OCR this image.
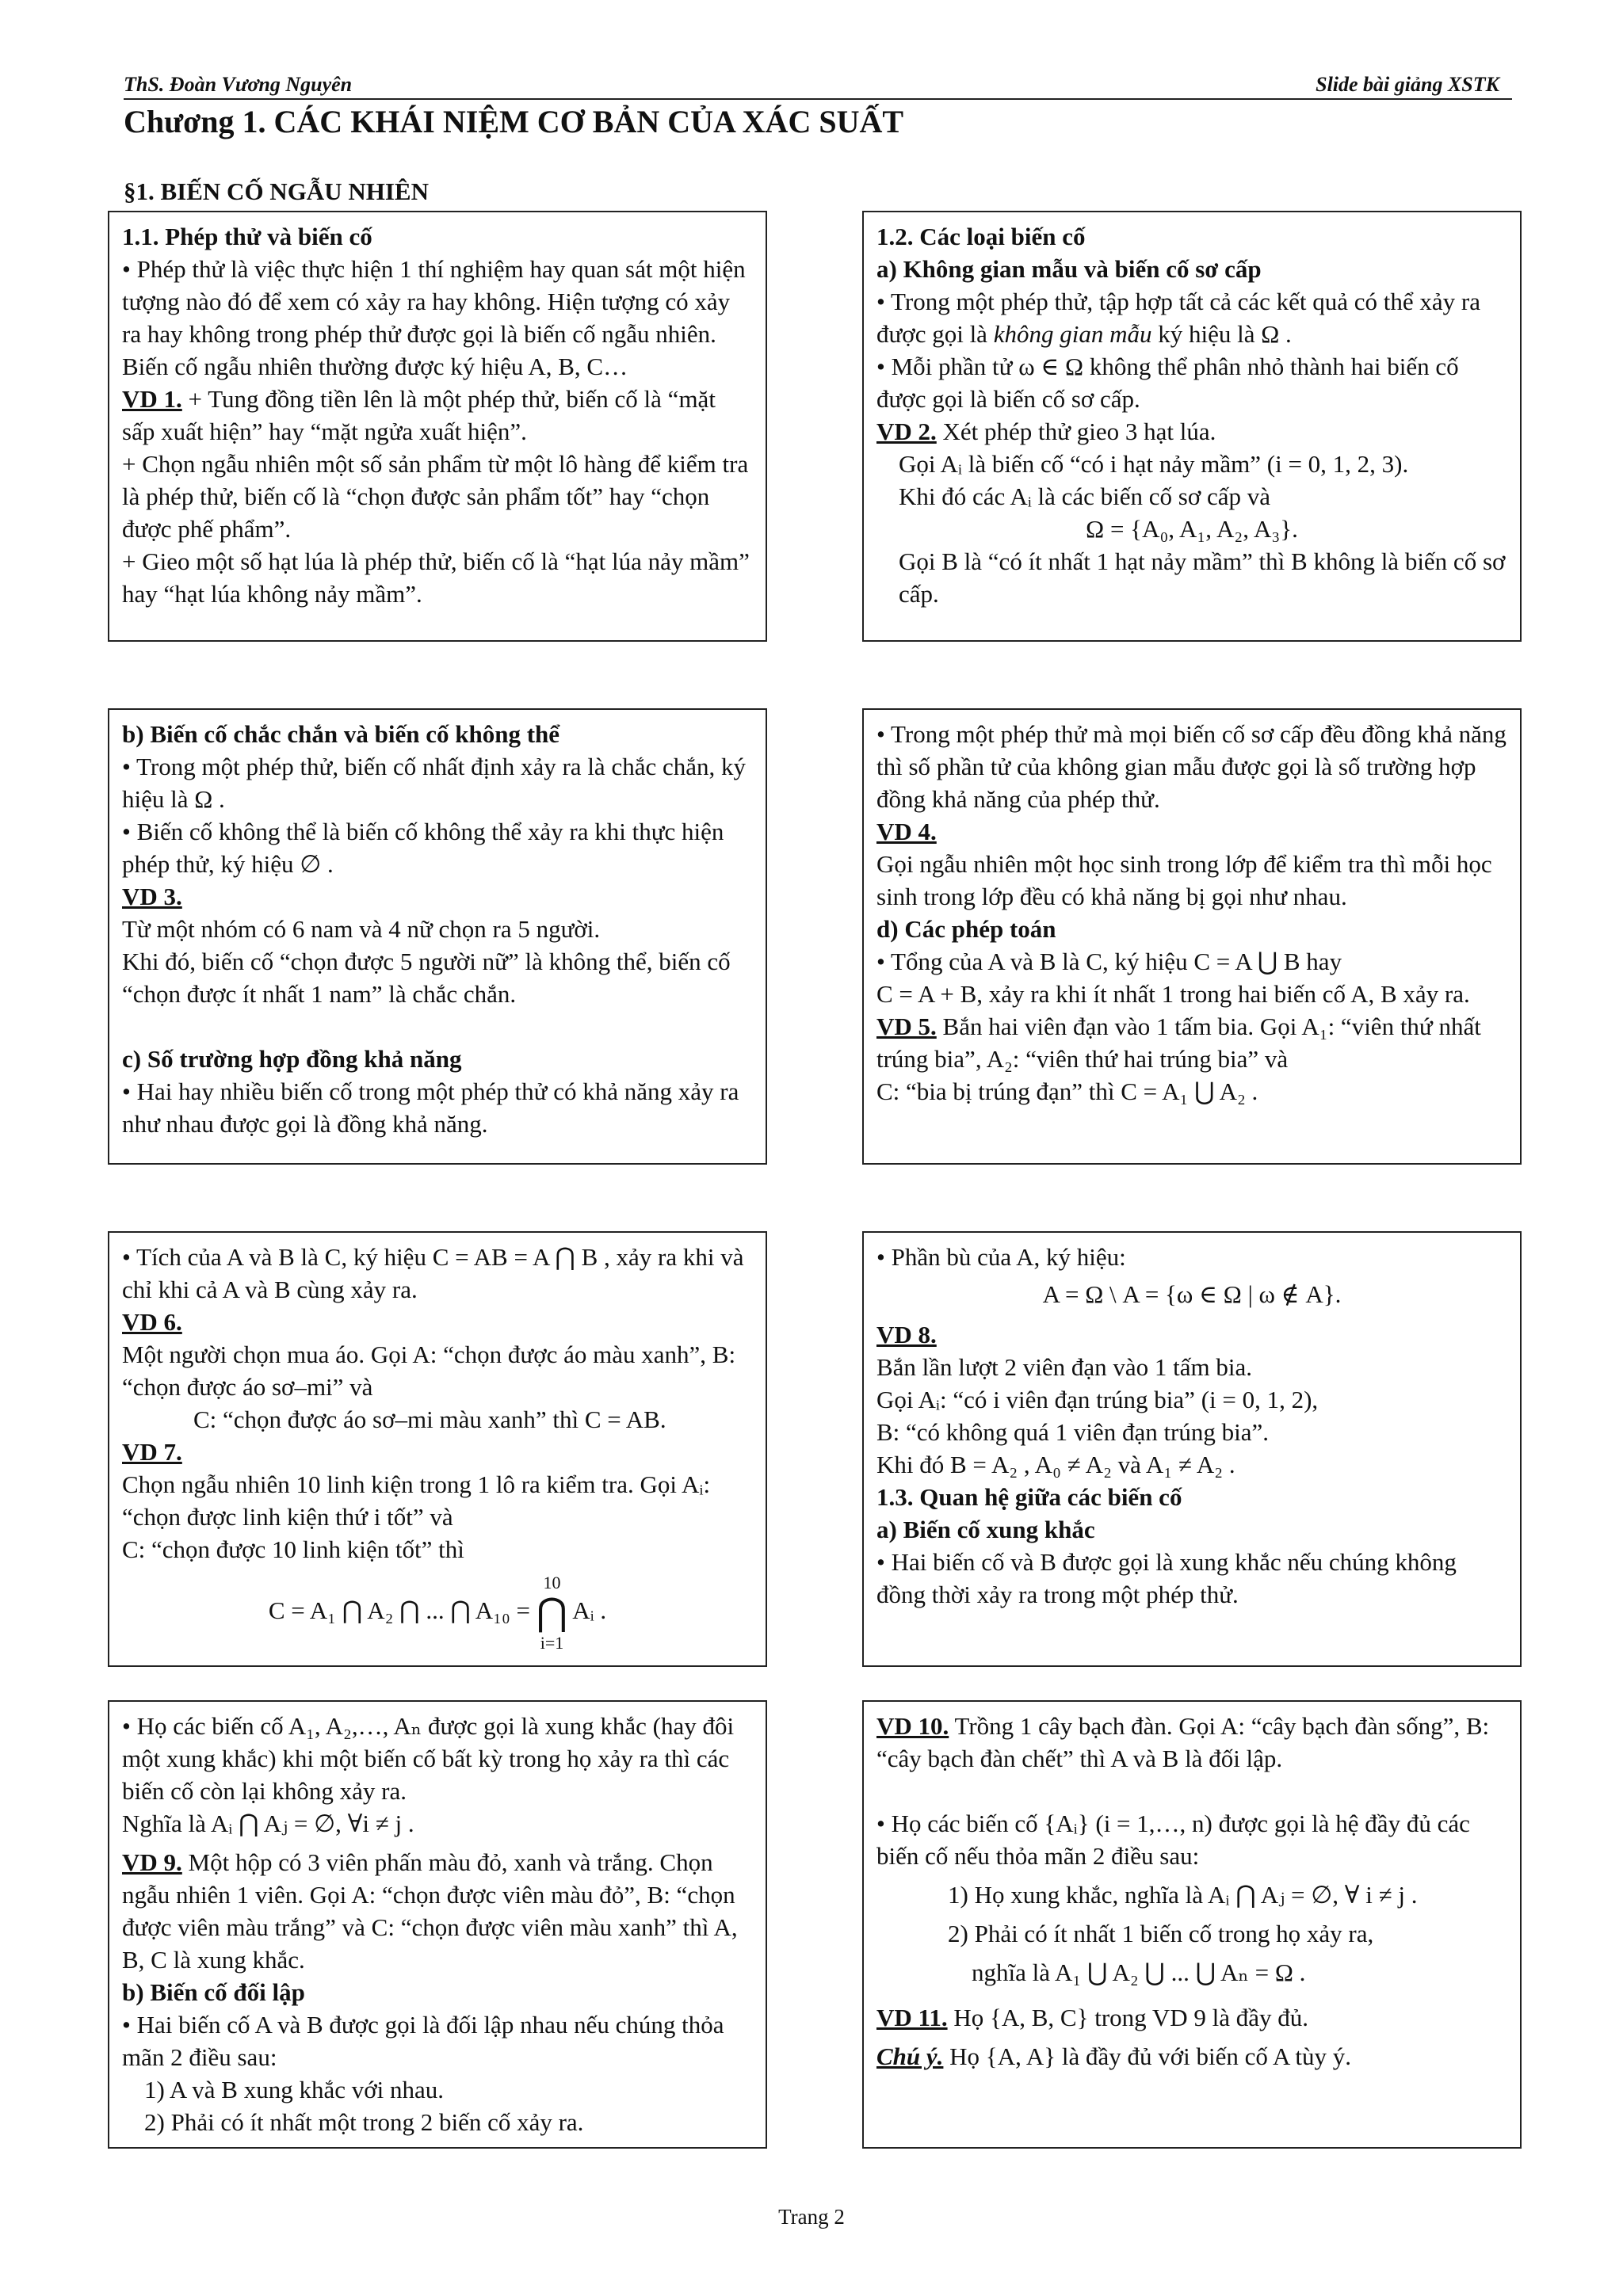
ThS. Đoàn Vương Nguyên	Slide bài giảng XSTK
Chương 1. CÁC KHÁI NIỆM CƠ BẢN CỦA XÁC SUẤT
§1. BIẾN CỐ NGẪU NHIÊN

1.1. Phép thử và biến cố

• Phép thử là việc thực hiện 1 thí nghiệm hay quan sát một hiện tượng nào đó để xem có xảy ra hay không. Hiện tượng có xảy ra hay không trong phép thử được gọi là biến cố ngẫu nhiên.

Biến cố ngẫu nhiên thường được ký hiệu A, B, C…

VD 1. + Tung đồng tiền lên là một phép thử, biến cố là “mặt sấp xuất hiện” hay “mặt ngửa xuất hiện”.

+ Chọn ngẫu nhiên một số sản phẩm từ một lô hàng để kiểm tra là phép thử, biến cố là “chọn được sản phẩm tốt” hay “chọn được phế phẩm”.

+ Gieo một số hạt lúa là phép thử, biến cố là “hạt lúa nảy mầm” hay “hạt lúa không nảy mầm”.

1.2. Các loại biến cố

a) Không gian mẫu và biến cố sơ cấp

• Trong một phép thử, tập hợp tất cả các kết quả có thể xảy ra được gọi là không gian mẫu ký hiệu là Ω .

• Mỗi phần tử ω ∈ Ω không thể phân nhỏ thành hai biến cố được gọi là biến cố sơ cấp.

VD 2. Xét phép thử gieo 3 hạt lúa.

Gọi Aᵢ là biến cố “có i hạt nảy mầm” (i = 0, 1, 2, 3).

Khi đó các Aᵢ là các biến cố sơ cấp và

Ω = {A₀, A₁, A₂, A₃}.

Gọi B là “có ít nhất 1 hạt nảy mầm” thì B không là biến cố sơ cấp.

b) Biến cố chắc chắn và biến cố không thể

• Trong một phép thử, biến cố nhất định xảy ra là chắc chắn, ký hiệu là Ω .

• Biến cố không thể là biến cố không thể xảy ra khi thực hiện phép thử, ký hiệu ∅ .

VD 3.

Từ một nhóm có 6 nam và 4 nữ chọn ra 5 người.

Khi đó, biến cố “chọn được 5 người nữ” là không thể, biến cố “chọn được ít nhất 1 nam” là chắc chắn.

c) Số trường hợp đồng khả năng

• Hai hay nhiều biến cố trong một phép thử có khả năng xảy ra như nhau được gọi là đồng khả năng.

• Trong một phép thử mà mọi biến cố sơ cấp đều đồng khả năng thì số phần tử của không gian mẫu được gọi là số trường hợp đồng khả năng của phép thử.

VD 4.

Gọi ngẫu nhiên một học sinh trong lớp để kiểm tra thì mỗi học sinh trong lớp đều có khả năng bị gọi như nhau.

d) Các phép toán

• Tổng của A và B là C, ký hiệu C = A ⋃ B hay

C = A + B, xảy ra khi ít nhất 1 trong hai biến cố A, B xảy ra.

VD 5. Bắn hai viên đạn vào 1 tấm bia. Gọi A₁: “viên thứ nhất trúng bia”, A₂: “viên thứ hai trúng bia” và

C: “bia bị trúng đạn” thì C = A₁ ⋃ A₂ .

• Tích của A và B là C, ký hiệu C = AB = A ⋂ B , xảy ra khi và chỉ khi cả A và B cùng xảy ra.

VD 6.

Một người chọn mua áo. Gọi A: “chọn được áo màu xanh”, B: “chọn được áo sơ–mi” và

C: “chọn được áo sơ–mi màu xanh” thì C = AB.

VD 7.

Chọn ngẫu nhiên 10 linh kiện trong 1 lô ra kiểm tra. Gọi Aᵢ: “chọn được linh kiện thứ i tốt” và

C: “chọn được 10 linh kiện tốt” thì

C = A₁ ⋂ A₂ ⋂ ... ⋂ A₁₀ =
10
⋂
i=1
Aᵢ .

• Phần bù của A, ký hiệu:

A = Ω \ A = {ω ∈ Ω | ω ∉ A}.

VD 8.

Bắn lần lượt 2 viên đạn vào 1 tấm bia.

Gọi Aᵢ: “có i viên đạn trúng bia” (i = 0, 1, 2),

B: “có không quá 1 viên đạn trúng bia”.

Khi đó B = A₂ , A₀ ≠ A₂ và A₁ ≠ A₂ .

1.3. Quan hệ giữa các biến cố

a) Biến cố xung khắc

• Hai biến cố và B được gọi là xung khắc nếu chúng không đồng thời xảy ra trong một phép thử.

• Họ các biến cố A₁, A₂,…, Aₙ được gọi là xung khắc (hay đôi một xung khắc) khi một biến cố bất kỳ trong họ xảy ra thì các biến cố còn lại không xảy ra.

Nghĩa là Aᵢ ⋂ Aⱼ = ∅, ∀i ≠ j .

VD 9. Một hộp có 3 viên phấn màu đỏ, xanh và trắng. Chọn ngẫu nhiên 1 viên. Gọi A: “chọn được viên màu đỏ”, B: “chọn được viên màu trắng” và C: “chọn được viên màu xanh” thì A, B, C là xung khắc.

b) Biến cố đối lập

• Hai biến cố A và B được gọi là đối lập nhau nếu chúng thỏa mãn 2 điều sau:

1) A và B xung khắc với nhau.

2) Phải có ít nhất một trong 2 biến cố xảy ra.

VD 10. Trồng 1 cây bạch đàn. Gọi A: “cây bạch đàn sống”, B: “cây bạch đàn chết” thì A và B là đối lập.

• Họ các biến cố {Aᵢ} (i = 1,…, n) được gọi là hệ đầy đủ các biến cố nếu thỏa mãn 2 điều sau:

1) Họ xung khắc, nghĩa là Aᵢ ⋂ Aⱼ = ∅, ∀ i ≠ j .

2) Phải có ít nhất 1 biến cố trong họ xảy ra,

nghĩa là A₁ ⋃ A₂ ⋃ ... ⋃ Aₙ = Ω .

VD 11. Họ {A, B, C} trong VD 9 là đầy đủ.

Chú ý. Họ {A, A} là đầy đủ với biến cố A tùy ý.

Trang 2
